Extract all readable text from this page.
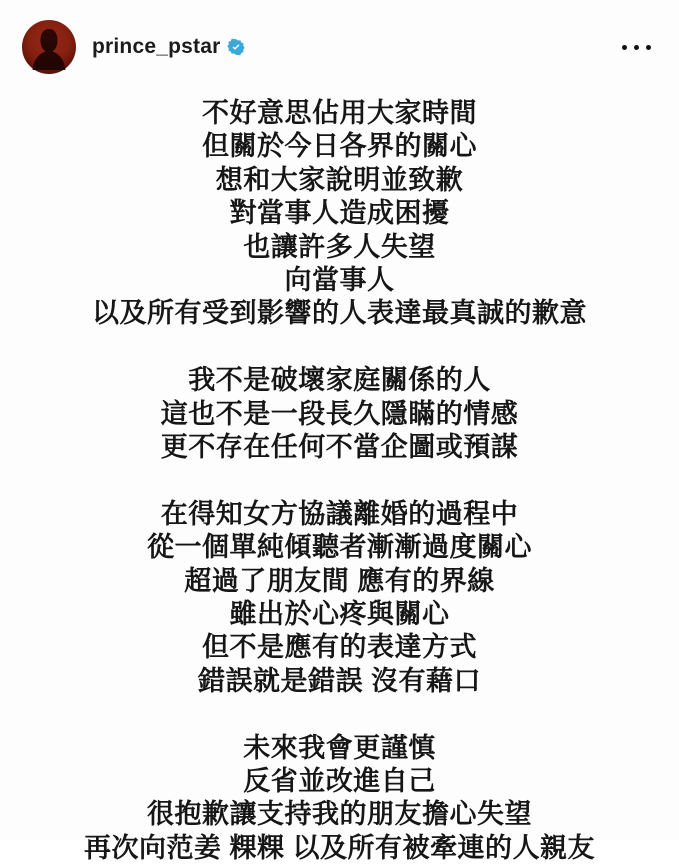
prince_pstar

不好意思佔用大家時間
但關於今日各界的關心
想和大家說明並致歉
對當事人造成困擾
也讓許多人失望
向當事人
以及所有受到影響的人表達最真誠的歉意

我不是破壞家庭關係的人
這也不是一段長久隱瞞的情感
更不存在任何不當企圖或預謀

在得知女方協議離婚的過程中
從一個單純傾聽者漸漸過度關心
超過了朋友間 應有的界線
雖出於心疼與關心
但不是應有的表達方式
錯誤就是錯誤 沒有藉口

未來我會更謹慎
反省並改進自己
很抱歉讓支持我的朋友擔心失望
再次向范姜 粿粿 以及所有被牽連的人親友
